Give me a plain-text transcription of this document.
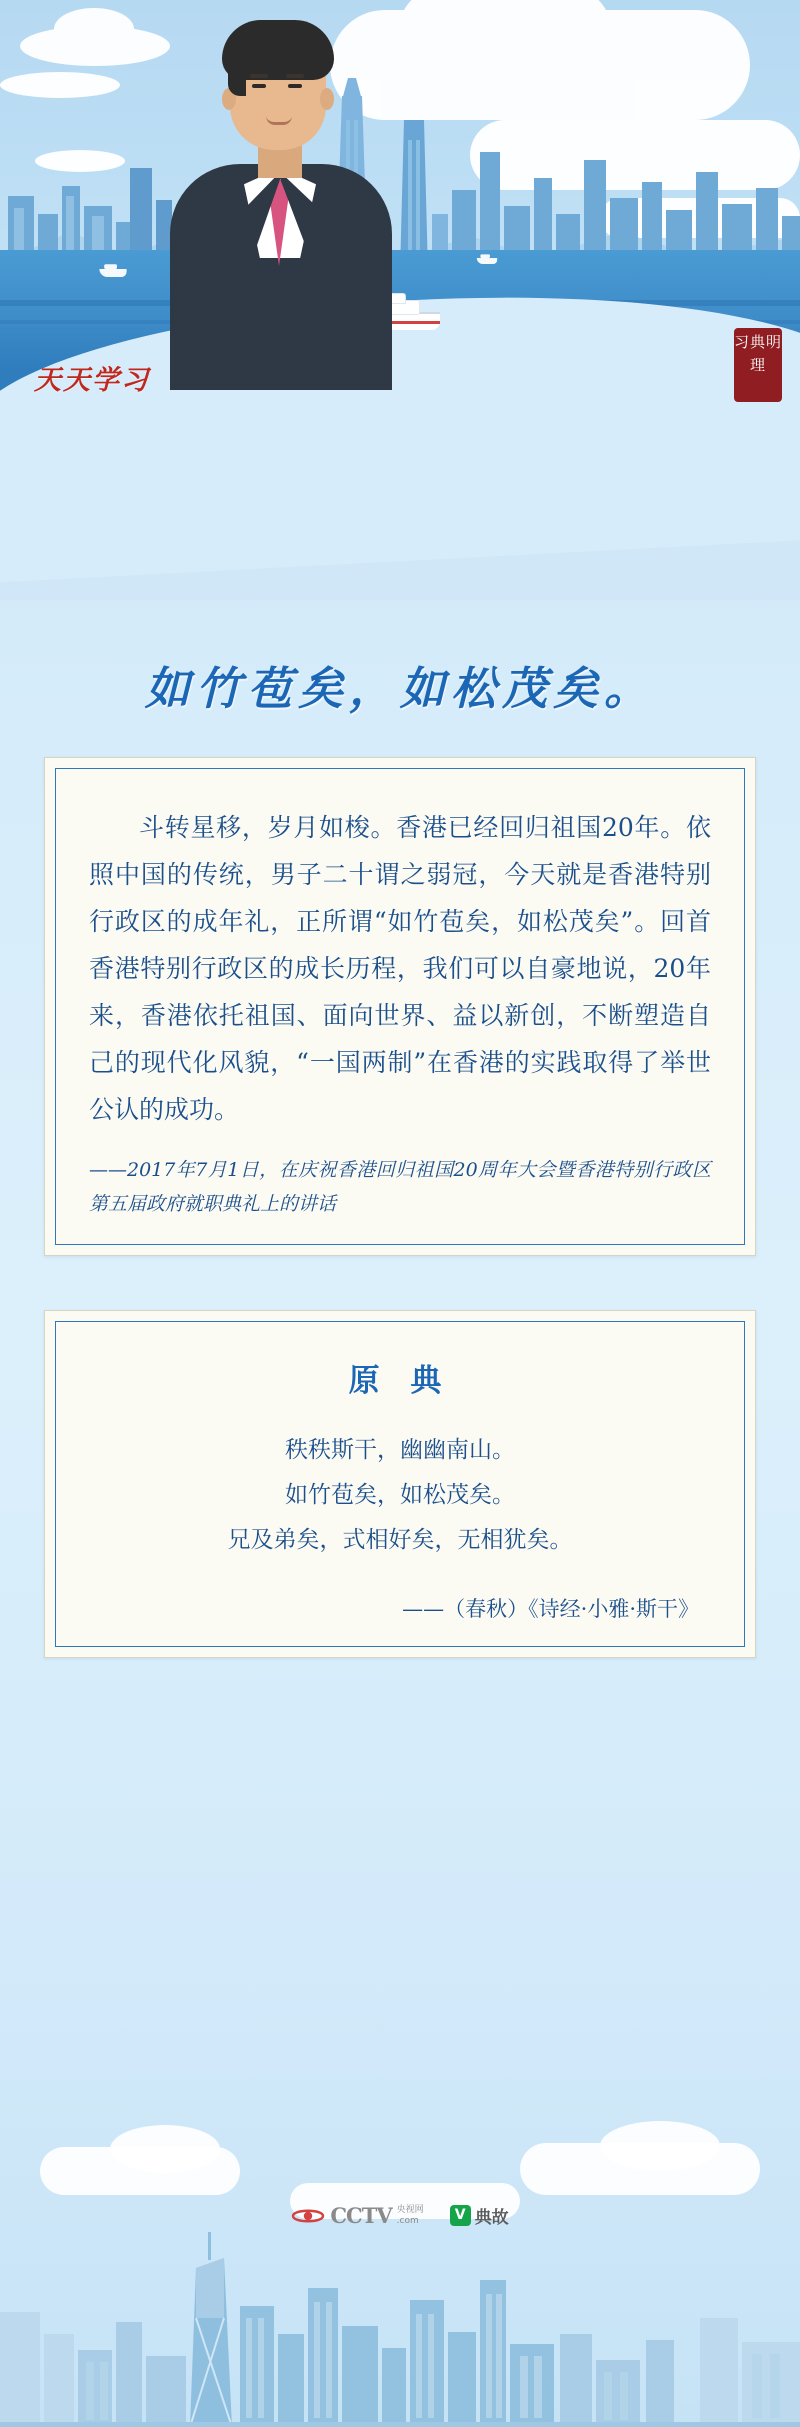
习典明理
天天学习
如竹苞矣，如松茂矣。

斗转星移，岁月如梭。香港已经回归祖国20年。依照中国的传统，男子二十谓之弱冠，今天就是香港特别行政区的成年礼，正所谓“如竹苞矣，如松茂矣”。回首香港特别行政区的成长历程，我们可以自豪地说，20年来，香港依托祖国、面向世界、益以新创，不断塑造自己的现代化风貌，“一国两制”在香港的实践取得了举世公认的成功。

——2017年7月1日，在庆祝香港回归祖国20周年大会暨香港特别行政区第五届政府就职典礼上的讲话

原 典
秩秩斯干，幽幽南山。
如竹苞矣，如松茂矣。
兄及弟矣，式相好矣，无相犹矣。
——（春秋）《诗经·小雅·斯干》
CCTV 央视网
.com	V 典故
